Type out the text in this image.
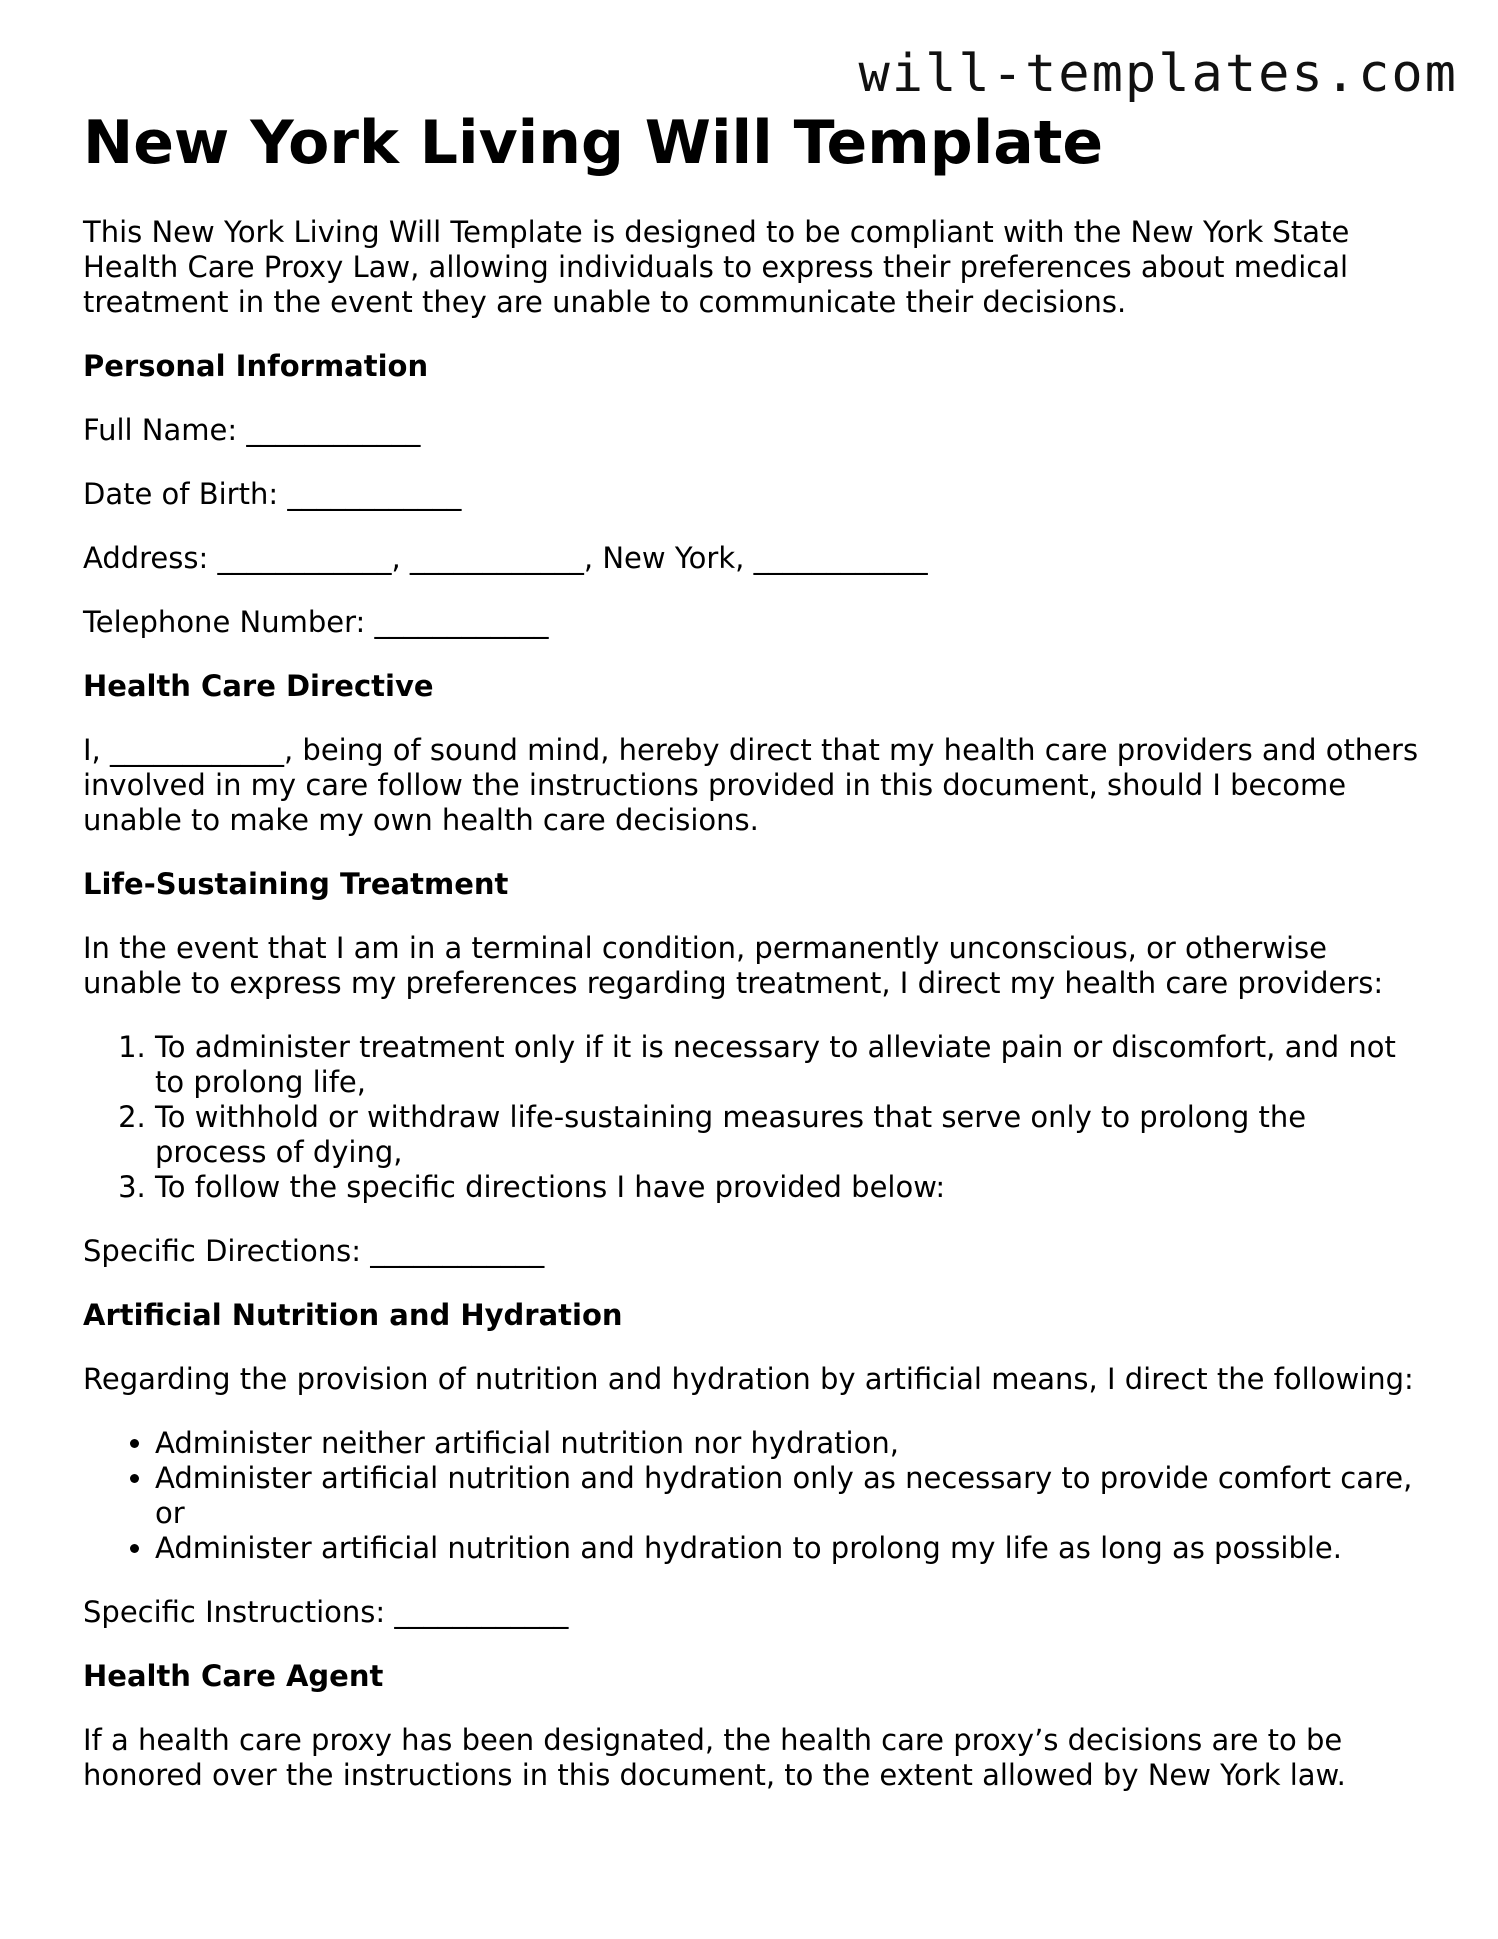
will-templates.com
New York Living Will Template

This New York Living Will Template is designed to be compliant with the New York State Health Care Proxy Law, allowing individuals to express their preferences about medical treatment in the event they are unable to communicate their decisions.

Personal Information

Full Name: ____________

Date of Birth: ____________

Address: ____________, ____________, New York, ____________

Telephone Number: ____________

Health Care Directive

I, ____________, being of sound mind, hereby direct that my health care providers and others involved in my care follow the instructions provided in this document, should I become unable to make my own health care decisions.

Life-Sustaining Treatment

In the event that I am in a terminal condition, permanently unconscious, or otherwise unable to express my preferences regarding treatment, I direct my health care providers:

1. To administer treatment only if it is necessary to alleviate pain or discomfort, and not to prolong life,
2. To withhold or withdraw life-sustaining measures that serve only to prolong the process of dying,
3. To follow the specific directions I have provided below:

Specific Directions: ____________

Artificial Nutrition and Hydration

Regarding the provision of nutrition and hydration by artificial means, I direct the following:

• Administer neither artificial nutrition nor hydration,
• Administer artificial nutrition and hydration only as necessary to provide comfort care, or
• Administer artificial nutrition and hydration to prolong my life as long as possible.

Specific Instructions: ____________

Health Care Agent

If a health care proxy has been designated, the health care proxy’s decisions are to be honored over the instructions in this document, to the extent allowed by New York law.
